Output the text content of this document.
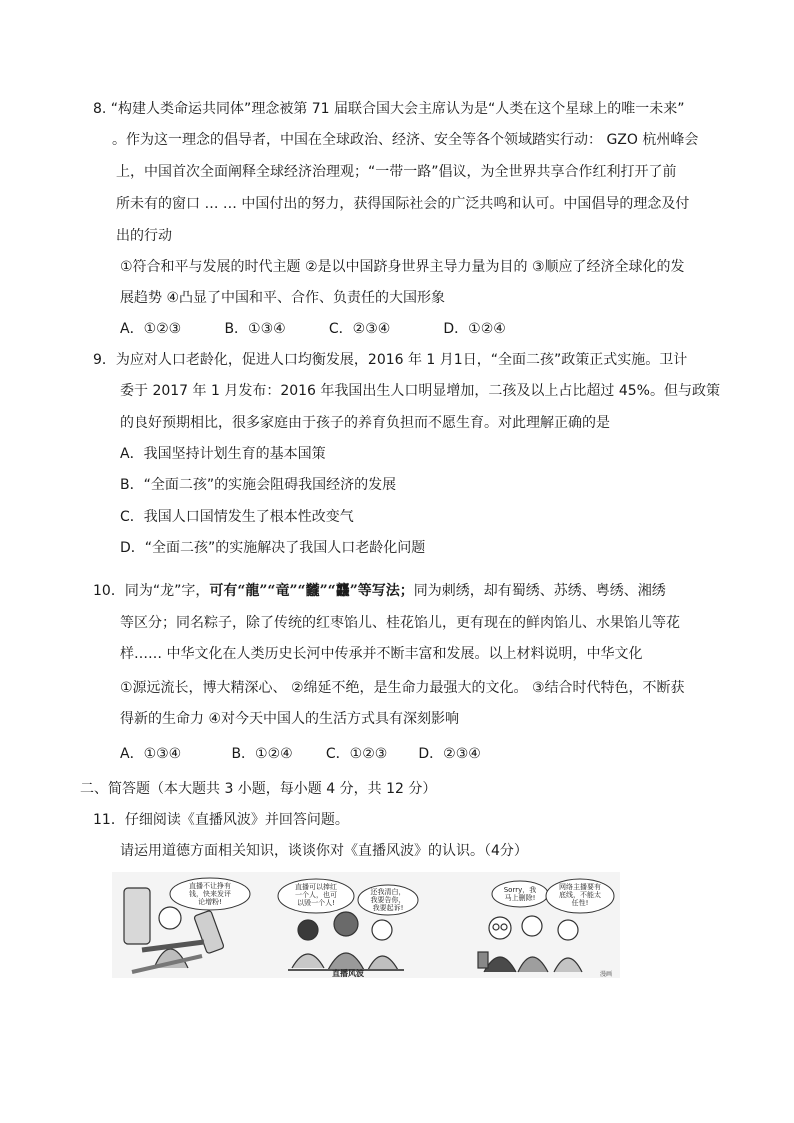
8. “构建人类命运共同体”理念被第 71 届联合国大会主席认为是“人类在这个星球上的唯一未来”
。作为这一理念的倡导者，中国在全球政治、经济、安全等各个领域踏实行动： GZO 杭州峰会
上，中国首次全面阐释全球经济治理观；“一带一路”倡议，为全世界共享合作红利打开了前
所未有的窗口 … … 中国付出的努力，获得国际社会的广泛共鸣和认可。中国倡导的理念及付
出的行动
①符合和平与发展的时代主题 ②是以中国跻身世界主导力量为目的 ③顺应了经济全球化的发
展趋势 ④凸显了中国和平、合作、负责任的大国形象
A．①②③	B．①③④	C．②③④	D．①②④
9．为应对人口老龄化，促进人口均衡发展，2016 年 1 月1日，“全面二孩”政策正式实施。卫计
委于 2017 年 1 月发布：2016 年我国出生人口明显增加，二孩及以上占比超过 45%。但与政策
的良好预期相比，很多家庭由于孩子的养育负担而不愿生育。对此理解正确的是
A．我国坚持计划生育的基本国策
B．“全面二孩”的实施会阻碍我国经济的发展
C．我国人口国情发生了根本性改变气
D．“全面二孩”的实施解决了我国人口老龄化问题
10．同为“龙”字，可有“龍”“竜”“龖”“龘”等写法；同为刺绣，却有蜀绣、苏绣、粤绣、湘绣
等区分；同名粽子，除了传统的红枣馅儿、桂花馅儿，更有现在的鲜肉馅儿、水果馅儿等花
样…… 中华文化在人类历史长河中传承并不断丰富和发展。以上材料说明，中华文化
①源远流长，博大精深心、 ②绵延不绝，是生命力最强大的文化。 ③结合时代特色，不断获
得新的生命力 ④对今天中国人的生活方式具有深刻影响
A．①③④	B．①②④ C．①②③ D．②③④
二、简答题（本大题共 3 小题，每小题 4 分，共 12 分）
11．仔细阅读《直播风波》并回答问题。
请运用道德方面相关知识，谈谈你对《直播风波》的认识。（4分）
直播不让挣有
钱，快来发评
论增粉!
直播可以捧红
一个人，也可
以毁一个人!
还我清白，
我要告你，
我要起诉!
直播风波
Sorry，我
马上删除!
网络主播要有
底线，不能太
任性!
漫画
